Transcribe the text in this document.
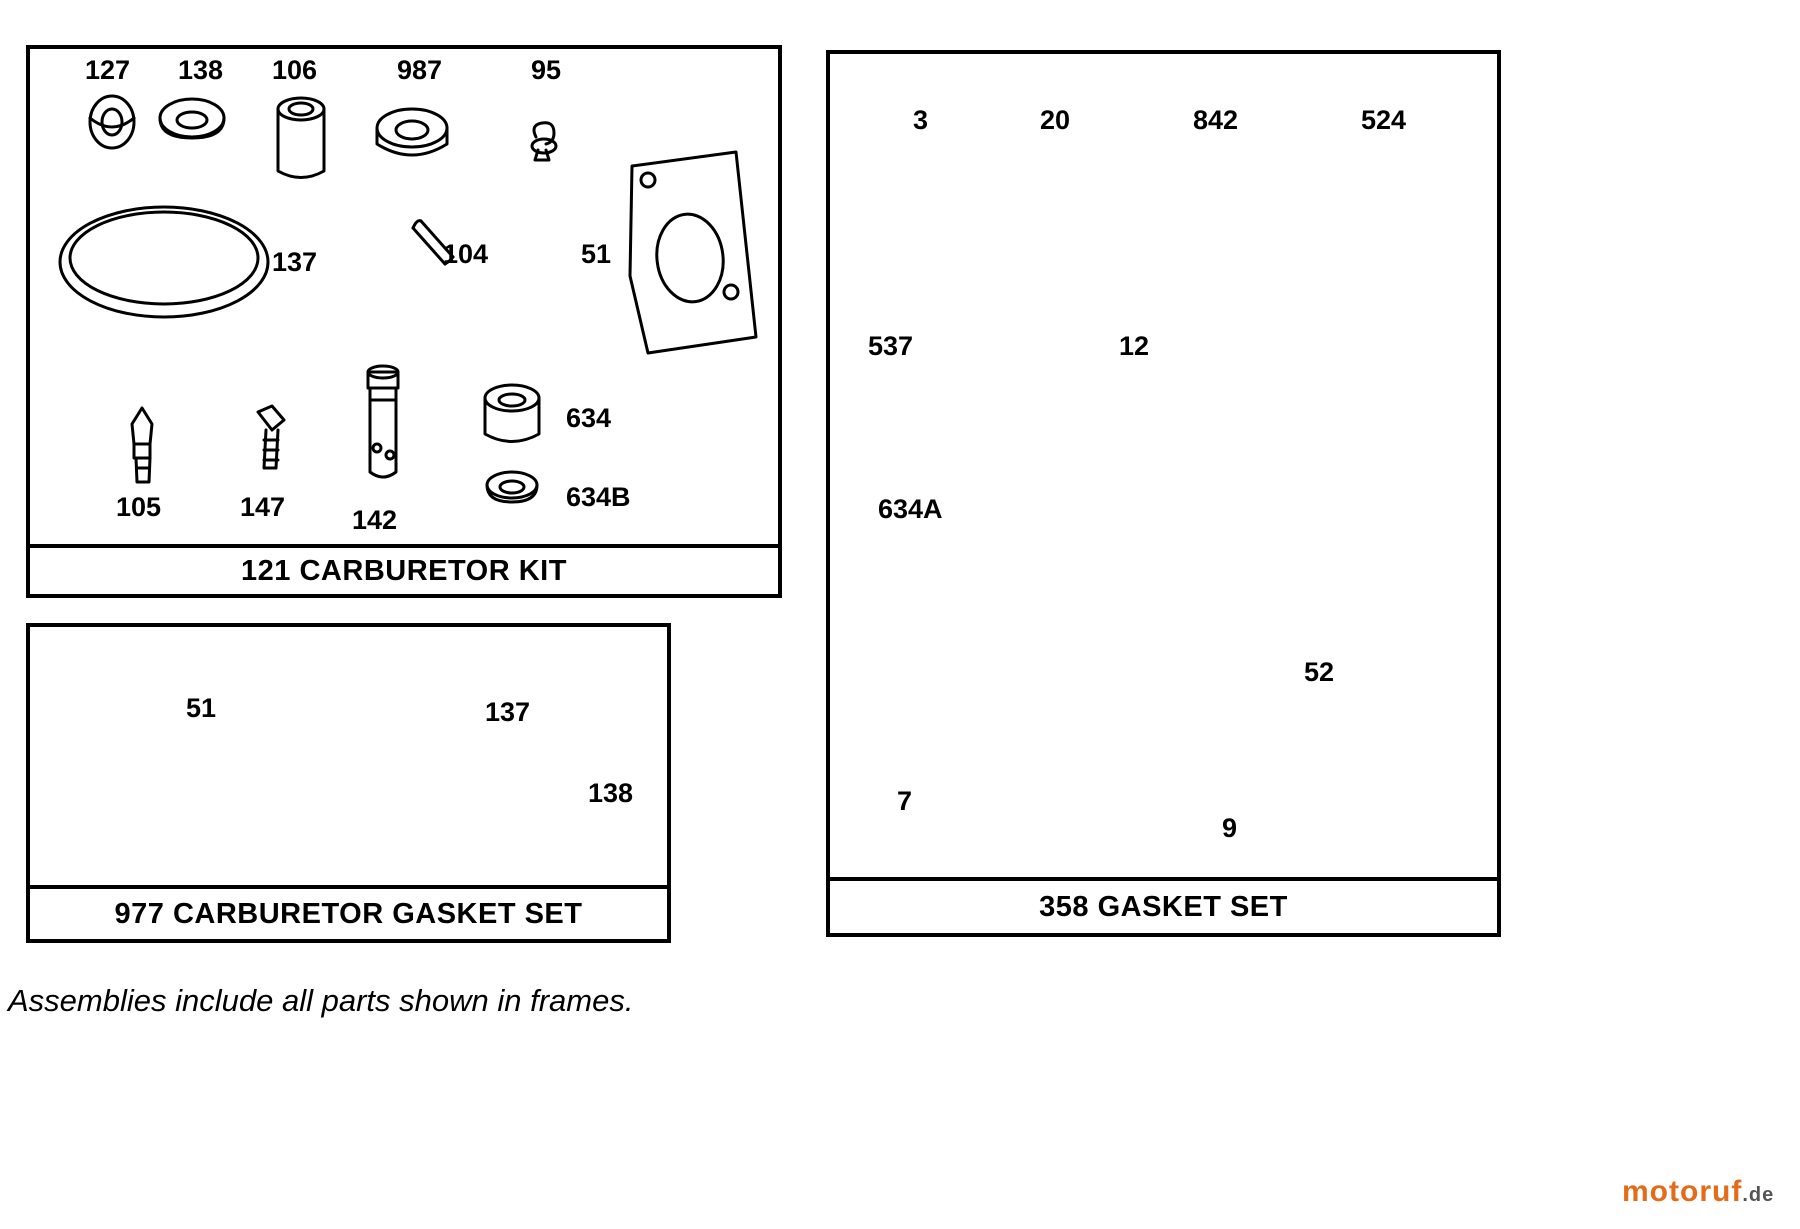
121 CARBURETOR KIT
977 CARBURETOR GASKET SET	358 GASKET SET
127 138 106	987	95
137	104	51
634
105	147 142
634B
51	137
138
3	20	842	524
537	12
634A
7
9
52
Assemblies include all parts shown in frames.
motoruf.de
